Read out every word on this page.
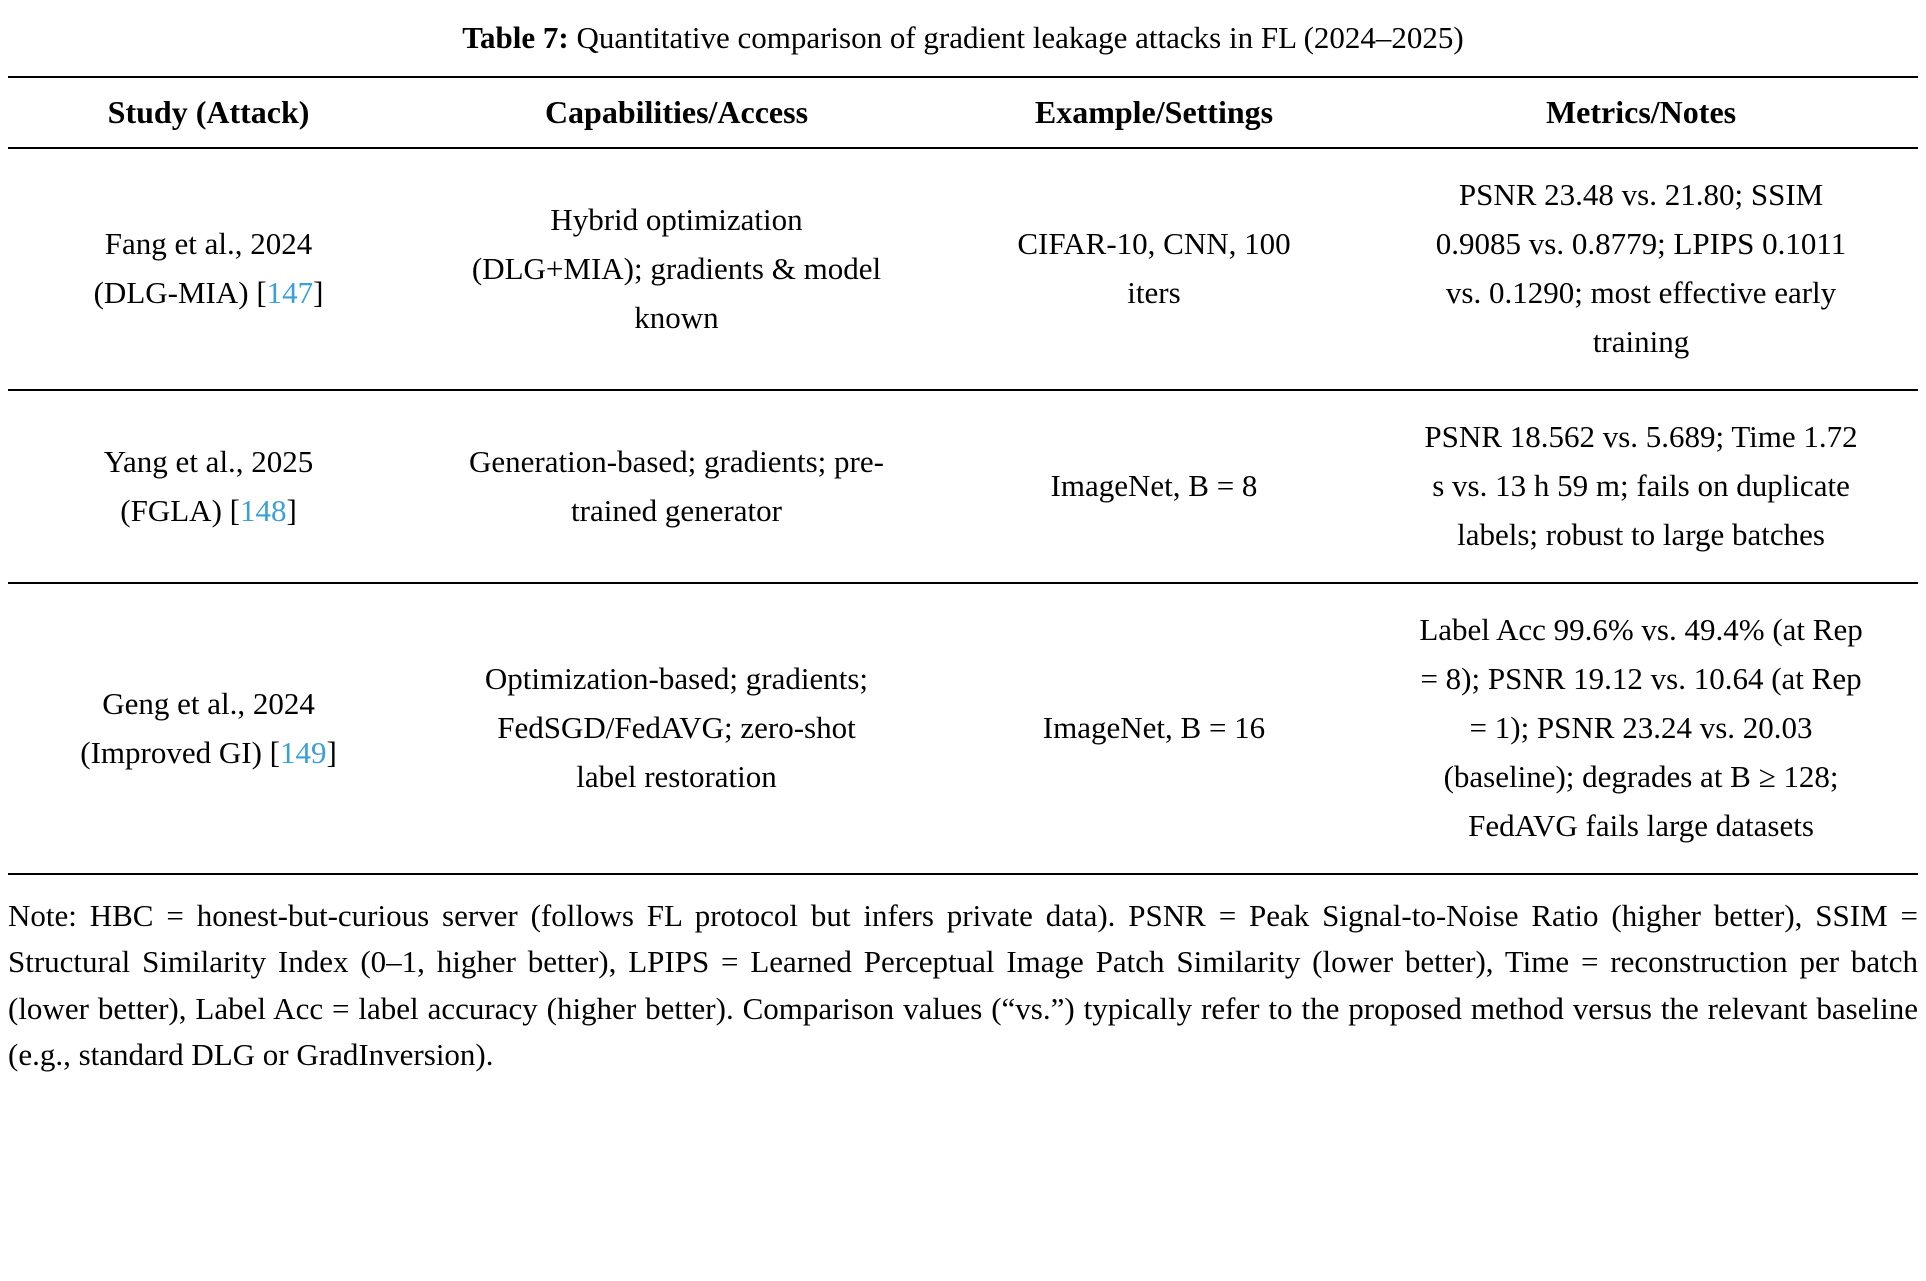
Table 7: Quantitative comparison of gradient leakage attacks in FL (2024–2025)
Study (Attack)	Capabilities/Access	Example/Settings	Metrics/Notes

Fang et al., 2024 (DLG-MIA) [147]	Hybrid optimization (DLG+MIA); gradients & model known	CIFAR-10, CNN, 100 iters	PSNR 23.48 vs. 21.80; SSIM 0.9085 vs. 0.8779; LPIPS 0.1011 vs. 0.1290; most effective early training

Yang et al., 2025 (FGLA) [148]	Generation-based; gradients; pre-trained generator	ImageNet, B = 8	PSNR 18.562 vs. 5.689; Time 1.72 s vs. 13 h 59 m; fails on duplicate labels; robust to large batches

Geng et al., 2024 (Improved GI) [149]	Optimization-based; gradients; FedSGD/FedAVG; zero-shot label restoration	ImageNet, B = 16	Label Acc 99.6% vs. 49.4% (at Rep = 8); PSNR 19.12 vs. 10.64 (at Rep = 1); PSNR 23.24 vs. 20.03 (baseline); degrades at B ≥ 128; FedAVG fails large datasets

Note: HBC = honest-but-curious server (follows FL protocol but infers private data). PSNR = Peak Signal-to-Noise Ratio (higher better), SSIM = Structural Similarity Index (0–1, higher better), LPIPS = Learned Perceptual Image Patch Similarity (lower better), Time = reconstruction per batch (lower better), Label Acc = label accuracy (higher better). Comparison values (“vs.”) typically refer to the proposed method versus the relevant baseline (e.g., standard DLG or GradInversion).
